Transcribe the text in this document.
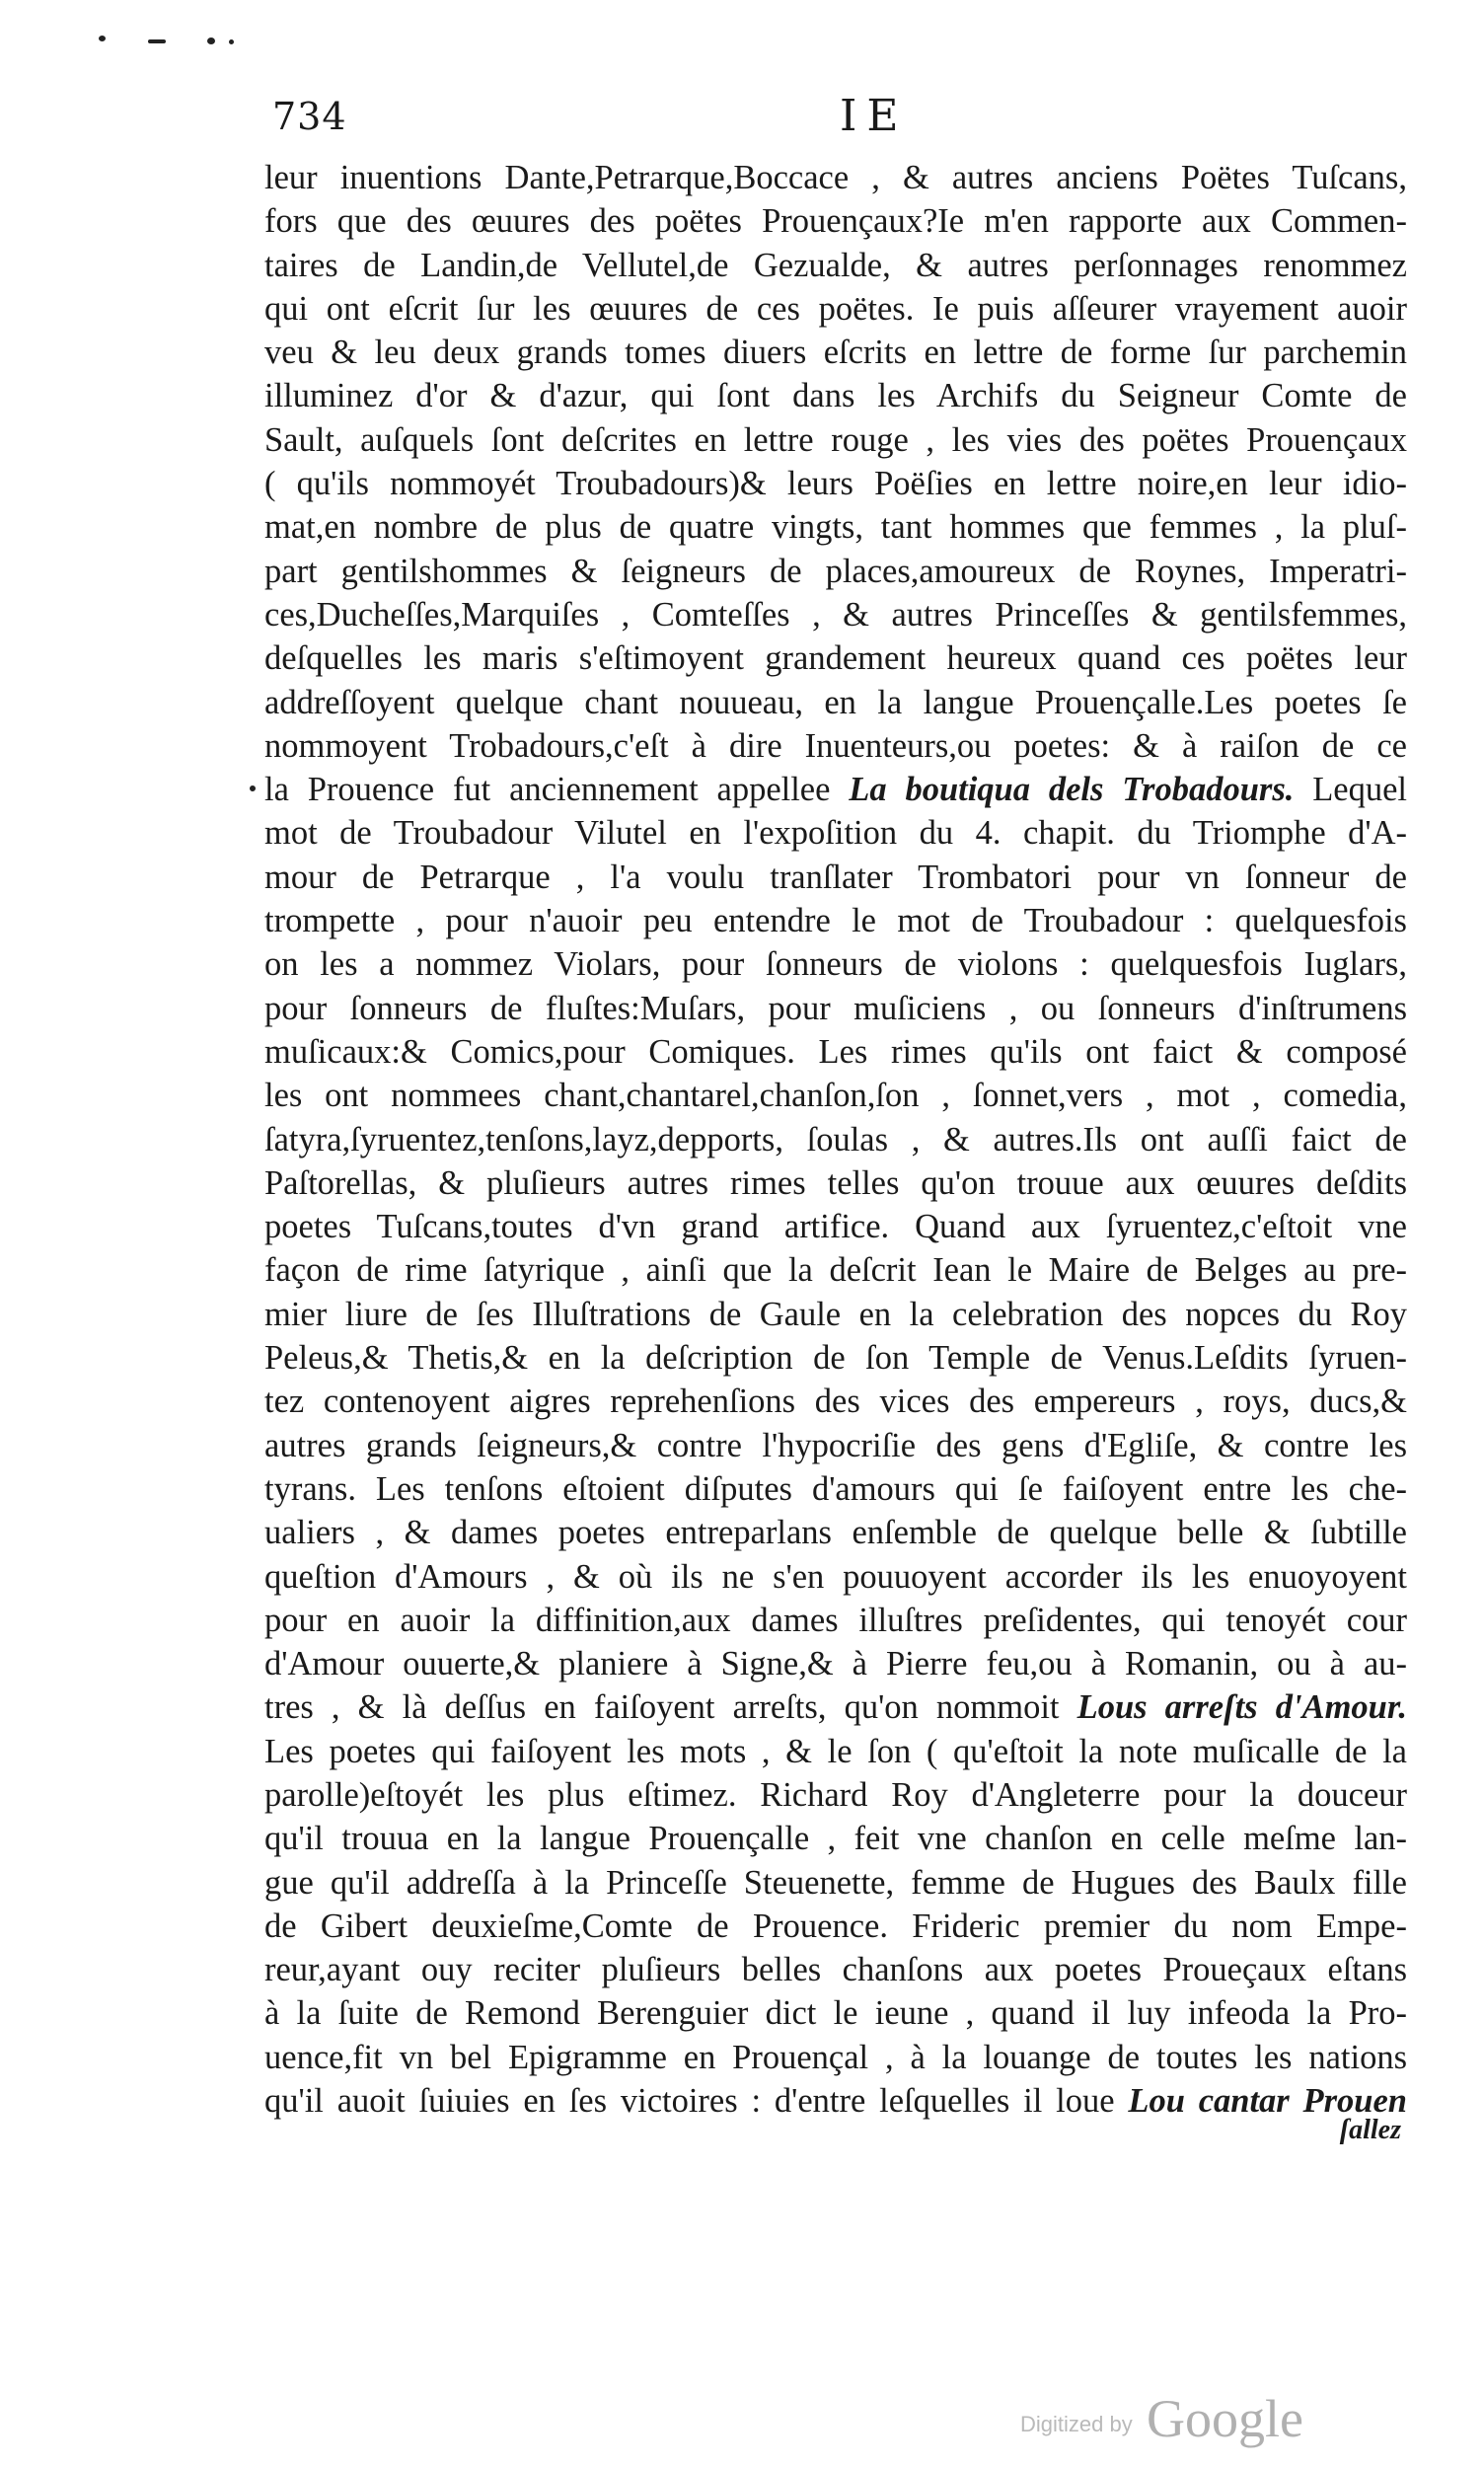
734	IE
leur inuentions Dante,Petrarque,Boccace , & autres anciens Poëtes Tuſcans,
fors que des œuures des poëtes Prouençaux?Ie m'en rapporte aux Commen-
taires de Landin,de Vellutel,de Gezualde, & autres perſonnages renommez
qui ont eſcrit ſur les œuures de ces poëtes. Ie puis aſſeurer vrayement auoir
veu & leu deux grands tomes diuers eſcrits en lettre de forme ſur parchemin
illuminez d'or & d'azur, qui ſont dans les Archifs du Seigneur Comte de
Sault, auſquels ſont deſcrites en lettre rouge , les vies des poëtes Prouençaux
( qu'ils nommoyét Troubadours)& leurs Poëſies en lettre noire,en leur idio-
mat,en nombre de plus de quatre vingts, tant hommes que femmes , la pluſ-
part gentilshommes & ſeigneurs de places,amoureux de Roynes, Imperatri-
ces,Ducheſſes,Marquiſes , Comteſſes , & autres Princeſſes & gentilsfemmes,
deſquelles les maris s'eſtimoyent grandement heureux quand ces poëtes leur
addreſſoyent quelque chant nouueau, en la langue Prouençalle.Les poetes ſe
nommoyent Trobadours,c'eſt à dire Inuenteurs,ou poetes: & à raiſon de ce
la Prouence fut anciennement appellee La boutiqua dels Trobadours. Lequel
mot de Troubadour Vilutel en l'expoſition du 4. chapit. du Triomphe d'A-
mour de Petrarque , l'a voulu tranſlater Trombatori pour vn ſonneur de
trompette , pour n'auoir peu entendre le mot de Troubadour : quelquesfois
on les a nommez Violars, pour ſonneurs de violons : quelquesfois Iuglars,
pour ſonneurs de fluſtes:Muſars, pour muſiciens , ou ſonneurs d'inſtrumens
muſicaux:& Comics,pour Comiques. Les rimes qu'ils ont faict & composé
les ont nommees chant,chantarel,chanſon,ſon , ſonnet,vers , mot , comedia,
ſatyra,ſyruentez,tenſons,layz,depports, ſoulas , & autres.Ils ont auſſi faict de
Paſtorellas, & pluſieurs autres rimes telles qu'on trouue aux œuures deſdits
poetes Tuſcans,toutes d'vn grand artifice. Quand aux ſyruentez,c'eſtoit vne
façon de rime ſatyrique , ainſi que la deſcrit Iean le Maire de Belges au pre-
mier liure de ſes Illuſtrations de Gaule en la celebration des nopces du Roy
Peleus,& Thetis,& en la deſcription de ſon Temple de Venus.Leſdits ſyruen-
tez contenoyent aigres reprehenſions des vices des empereurs , roys, ducs,&
autres grands ſeigneurs,& contre l'hypocriſie des gens d'Egliſe, & contre les
tyrans. Les tenſons eſtoient diſputes d'amours qui ſe faiſoyent entre les che-
ualiers , & dames poetes entreparlans enſemble de quelque belle & ſubtille
queſtion d'Amours , & où ils ne s'en pouuoyent accorder ils les enuoyoyent
pour en auoir la diffinition,aux dames illuſtres preſidentes, qui tenoyét cour
d'Amour ouuerte,& planiere à Signe,& à Pierre feu,ou à Romanin, ou à au-
tres , & là deſſus en faiſoyent arreſts, qu'on nommoit Lous arreſts d'Amour.
Les poetes qui faiſoyent les mots , & le ſon ( qu'eſtoit la note muſicalle de la
parolle)eſtoyét les plus eſtimez. Richard Roy d'Angleterre pour la douceur
qu'il trouua en la langue Prouençalle , feit vne chanſon en celle meſme lan-
gue qu'il addreſſa à la Princeſſe Steuenette, femme de Hugues des Baulx fille
de Gibert deuxieſme,Comte de Prouence. Frideric premier du nom Empe-
reur,ayant ouy reciter pluſieurs belles chanſons aux poetes Proueçaux eſtans
à la ſuite de Remond Berenguier dict le ieune , quand il luy infeoda la Pro-
uence,fit vn bel Epigramme en Prouençal , à la louange de toutes les nations
qu'il auoit ſuiuies en ſes victoires : d'entre leſquelles il loue Lou cantar Prouen
ſallez
Digitized by Google
